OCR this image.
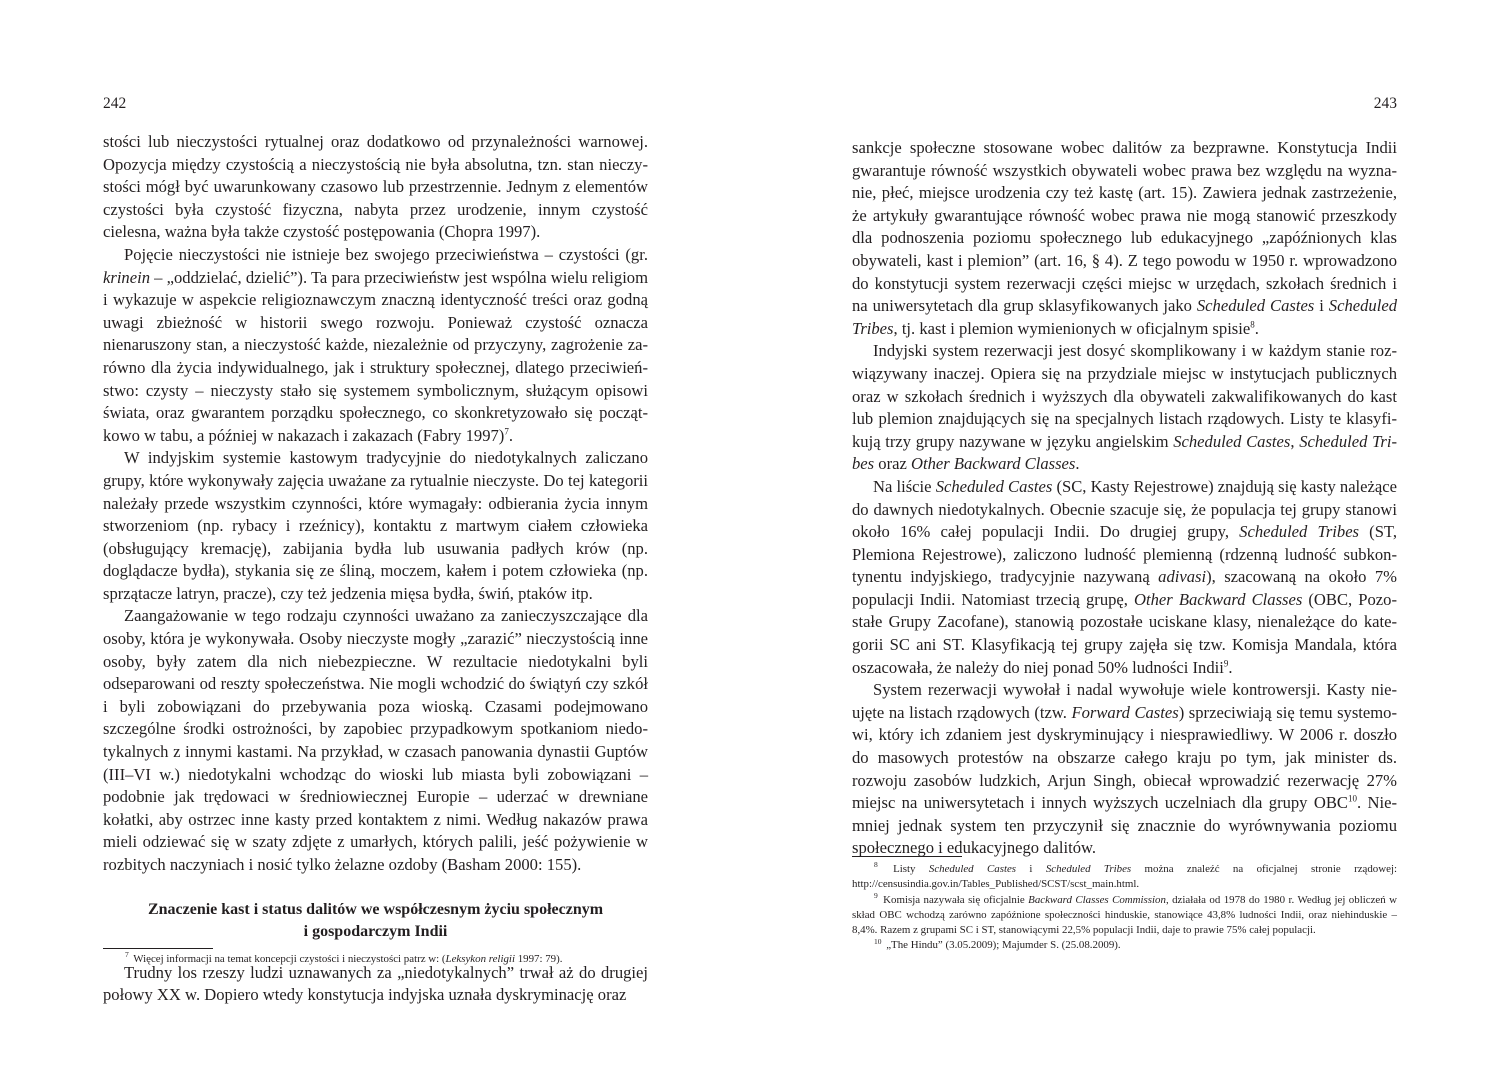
242

stości lub nieczystości rytualnej oraz dodatkowo od przynależności warnowej. Opozycja między czystością a nieczystością nie była absolutna, tzn. stan nieczystości mógł być uwarunkowany czasowo lub przestrzennie. Jednym z elementów czystości była czystość fizyczna, nabyta przez urodzenie, innym czystość cielesna, ważna była także czystość postępowania (Chopra 1997).

Pojęcie nieczystości nie istnieje bez swojego przeciwieństwa – czystości (gr. krinein – „oddzielać, dzielić”). Ta para przeciwieństw jest wspólna wielu religiom i wykazuje w aspekcie religioznawczym znaczną identyczność treści oraz godną uwagi zbieżność w historii swego rozwoju. Ponieważ czystość oznacza nienaruszony stan, a nieczystość każde, niezależnie od przyczyny, zagrożenie zarówno dla życia indywidualnego, jak i struktury społecznej, dlatego przeciwieństwo: czysty – nieczysty stało się systemem symbolicznym, służącym opisowi świata, oraz gwarantem porządku społecznego, co skonkretyzowało się początkowo w tabu, a później w nakazach i zakazach (Fabry 1997)$^7$.

W indyjskim systemie kastowym tradycyjnie do niedotykalnych zaliczano grupy, które wykonywały zajęcia uważane za rytualnie nieczyste. Do tej kategorii należały przede wszystkim czynności, które wymagały: odbierania życia innym stworzeniom (np. rybacy i rzeźnicy), kontaktu z martwym ciałem człowieka (obsługujący kremację), zabijania bydła lub usuwania padłych krów (np. doglądacze bydła), stykania się ze śliną, moczem, kałem i potem człowieka (np. sprzątacze latryn, pracze), czy też jedzenia mięsa bydła, świń, ptaków itp.

Zaangażowanie w tego rodzaju czynności uważano za zanieczyszczające dla osoby, która je wykonywała. Osoby nieczyste mogły „zarazić” nieczystością inne osoby, były zatem dla nich niebezpieczne. W rezultacie niedotykalni byli odseparowani od reszty społeczeństwa. Nie mogli wchodzić do świątyń czy szkół i byli zobowiązani do przebywania poza wioską. Czasami podejmowano szczególne środki ostrożności, by zapobiec przypadkowym spotkaniom niedotykalnych z innymi kastami. Na przykład, w czasach panowania dynastii Guptów (III–VI w.) niedotykalni wchodząc do wioski lub miasta byli zobowiązani – podobnie jak trędowaci w średniowiecznej Europie – uderzać w drewniane kołatki, aby ostrzec inne kasty przed kontaktem z nimi. Według nakazów prawa mieli odziewać się w szaty zdjęte z umarłych, których palili, jeść pożywienie w rozbitych naczyniach i nosić tylko żelazne ozdoby (Basham 2000: 155).

Znaczenie kast i status dalitów we współczesnym życiu społecznym
i gospodarczym Indii

Trudny los rzeszy ludzi uznawanych za „niedotykalnych” trwał aż do drugiej połowy XX w. Dopiero wtedy konstytucja indyjska uznała dyskryminację oraz

$^7$ Więcej informacji na temat koncepcji czystości i nieczystości patrz w: (Leksykon religii 1997: 79).

243

sankcje społeczne stosowane wobec dalitów za bezprawne. Konstytucja Indii gwarantuje równość wszystkich obywateli wobec prawa bez względu na wyznanie, płeć, miejsce urodzenia czy też kastę (art. 15). Zawiera jednak zastrzeżenie, że artykuły gwarantujące równość wobec prawa nie mogą stanowić przeszkody dla podnoszenia poziomu społecznego lub edukacyjnego „zapóźnionych klas obywateli, kast i plemion” (art. 16, § 4). Z tego powodu w 1950 r. wprowadzono do konstytucji system rezerwacji części miejsc w urzędach, szkołach średnich i na uniwersytetach dla grup sklasyfikowanych jako Scheduled Castes i Scheduled Tribes, tj. kast i plemion wymienionych w oficjalnym spisie$^8$.

Indyjski system rezerwacji jest dosyć skomplikowany i w każdym stanie rozwiązywany inaczej. Opiera się na przydziale miejsc w instytucjach publicznych oraz w szkołach średnich i wyższych dla obywateli zakwalifikowanych do kast lub plemion znajdujących się na specjalnych listach rządowych. Listy te klasyfikują trzy grupy nazywane w języku angielskim Scheduled Castes, Scheduled Tribes oraz Other Backward Classes.

Na liście Scheduled Castes (SC, Kasty Rejestrowe) znajdują się kasty należące do dawnych niedotykalnych. Obecnie szacuje się, że populacja tej grupy stanowi około 16% całej populacji Indii. Do drugiej grupy, Scheduled Tribes (ST, Plemiona Rejestrowe), zaliczono ludność plemienną (rdzenną ludność subkontynentu indyjskiego, tradycyjnie nazywaną adivasi), szacowaną na około 7% populacji Indii. Natomiast trzecią grupę, Other Backward Classes (OBC, Pozostałe Grupy Zacofane), stanowią pozostałe uciskane klasy, nienależące do kategorii SC ani ST. Klasyfikacją tej grupy zajęła się tzw. Komisja Mandala, która oszacowała, że należy do niej ponad 50% ludności Indii$^9$.

System rezerwacji wywołał i nadal wywołuje wiele kontrowersji. Kasty nieujęte na listach rządowych (tzw. Forward Castes) sprzeciwiają się temu systemowi, który ich zdaniem jest dyskryminujący i niesprawiedliwy. W 2006 r. doszło do masowych protestów na obszarze całego kraju po tym, jak minister ds. rozwoju zasobów ludzkich, Arjun Singh, obiecał wprowadzić rezerwację 27% miejsc na uniwersytetach i innych wyższych uczelniach dla grupy OBC$^{10}$. Niemniej jednak system ten przyczynił się znacznie do wyrównywania poziomu społecznego i edukacyjnego dalitów.

$^8$ Listy Scheduled Castes i Scheduled Tribes można znaleźć na oficjalnej stronie rządowej: http://censusindia.gov.in/Tables_Published/SCST/scst_main.html.

$^9$ Komisja nazywała się oficjalnie Backward Classes Commission, działała od 1978 do 1980 r. Według jej obliczeń w skład OBC wchodzą zarówno zapóźnione społeczności hinduskie, stanowiące 43,8% ludności Indii, oraz niehinduskie – 8,4%. Razem z grupami SC i ST, stanowiącymi 22,5% populacji Indii, daje to prawie 75% całej populacji.

$^{10}$ „The Hindu” (3.05.2009); Majumder S. (25.08.2009).
